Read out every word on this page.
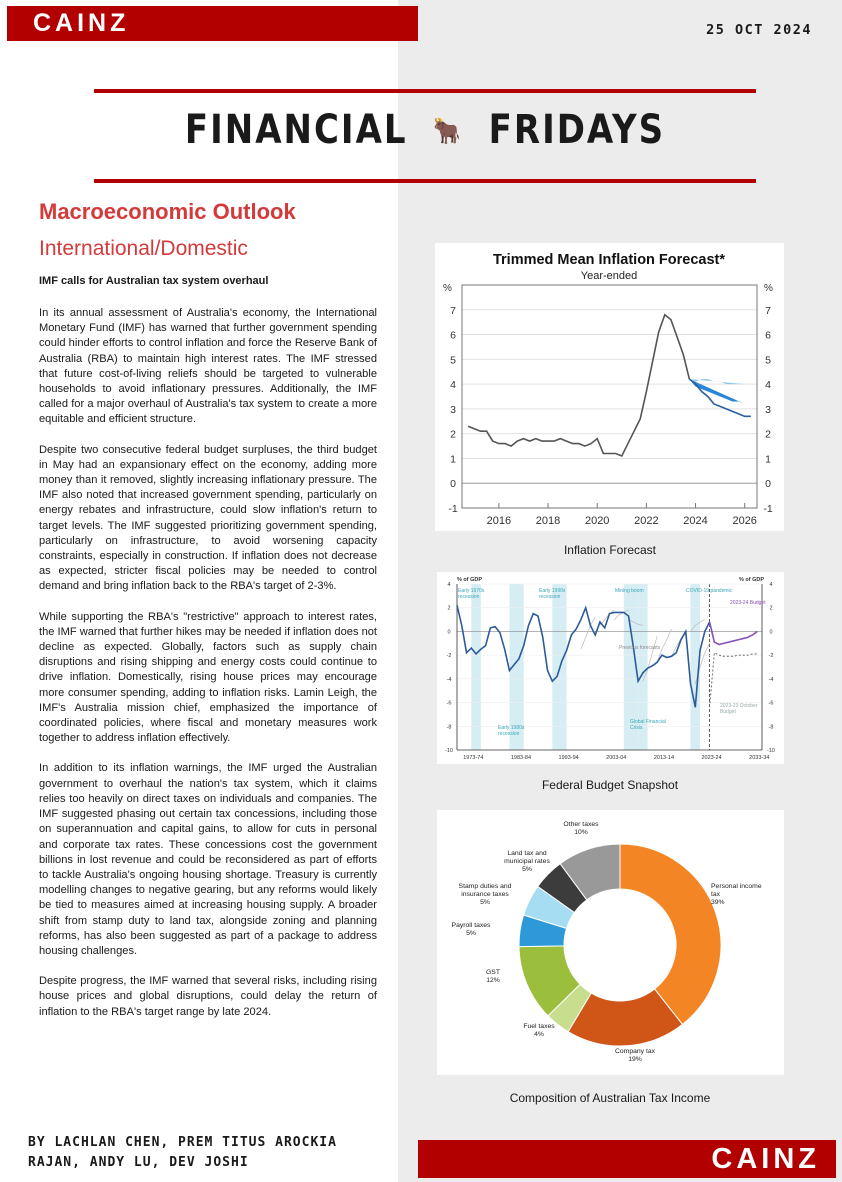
CAINZ	25 OCT 2024
FINANCIAL 🐂 FRIDAYS
Macroeconomic Outlook
International/Domestic
IMF calls for Australian tax system overhaul

In its annual assessment of Australia's economy, the International Monetary Fund (IMF) has warned that further government spending could hinder efforts to control inflation and force the Reserve Bank of Australia (RBA) to maintain high interest rates. The IMF stressed that future cost-of-living reliefs should be targeted to vulnerable households to avoid inflationary pressures. Additionally, the IMF called for a major overhaul of Australia's tax system to create a more equitable and efficient structure.

Despite two consecutive federal budget surpluses, the third budget in May had an expansionary effect on the economy, adding more money than it removed, slightly increasing inflationary pressure. The IMF also noted that increased government spending, particularly on energy rebates and infrastructure, could slow inflation's return to target levels. The IMF suggested prioritizing government spending, particularly on infrastructure, to avoid worsening capacity constraints, especially in construction. If inflation does not decrease as expected, stricter fiscal policies may be needed to control demand and bring inflation back to the RBA's target of 2-3%.

While supporting the RBA's "restrictive" approach to interest rates, the IMF warned that further hikes may be needed if inflation does not decline as expected. Globally, factors such as supply chain disruptions and rising shipping and energy costs could continue to drive inflation. Domestically, rising house prices may encourage more consumer spending, adding to inflation risks. Lamin Leigh, the IMF's Australia mission chief, emphasized the importance of coordinated policies, where fiscal and monetary measures work together to address inflation effectively.

In addition to its inflation warnings, the IMF urged the Australian government to overhaul the nation's tax system, which it claims relies too heavily on direct taxes on individuals and companies. The IMF suggested phasing out certain tax concessions, including those on superannuation and capital gains, to allow for cuts in personal and corporate tax rates. These concessions cost the government billions in lost revenue and could be reconsidered as part of efforts to tackle Australia's ongoing housing shortage. Treasury is currently modelling changes to negative gearing, but any reforms would likely be tied to measures aimed at increasing housing supply. A broader shift from stamp duty to land tax, alongside zoning and planning reforms, has also been suggested as part of a package to address housing challenges.

Despite progress, the IMF warned that several risks, including rising house prices and global disruptions, could delay the return of inflation to the RBA's target range by late 2024.

Trimmed Mean Inflation Forecast*
Year-ended
%	%
-1	-1
0	0
1	1
2	2
3	3
4	4
5	5
6	6
7	7
2016 2018 2020 2022 2024 2026
Inflation Forecast
% of GDP	% of GDP
-10	-10
-8	-8
-6	-6
-4	-4
-2	-2
0	0
2	2
4	4
1973-74	1983-84	1993-94	2003-04	2013-14	2023-24	2033-34
Early 1970s recession
Early 1990s recession
Mining boom	COVID-19 pandemic
2023-24 Budget
Previous forecasts
Early 1980s recession
Global Financial Crisis
2023-23 October Budget
Federal Budget Snapshot
Personal income tax 39%
Company tax 19%
Fuel taxes 4%
GST 12%
Payroll taxes 5%
Stamp duties and insurance taxes 5%
Land tax and municipal rates 5%
Other taxes 10%
Composition of Australian Tax Income
BY LACHLAN CHEN, PREM TITUS AROCKIA RAJAN, ANDY LU, DEV JOSHI	CAINZ
